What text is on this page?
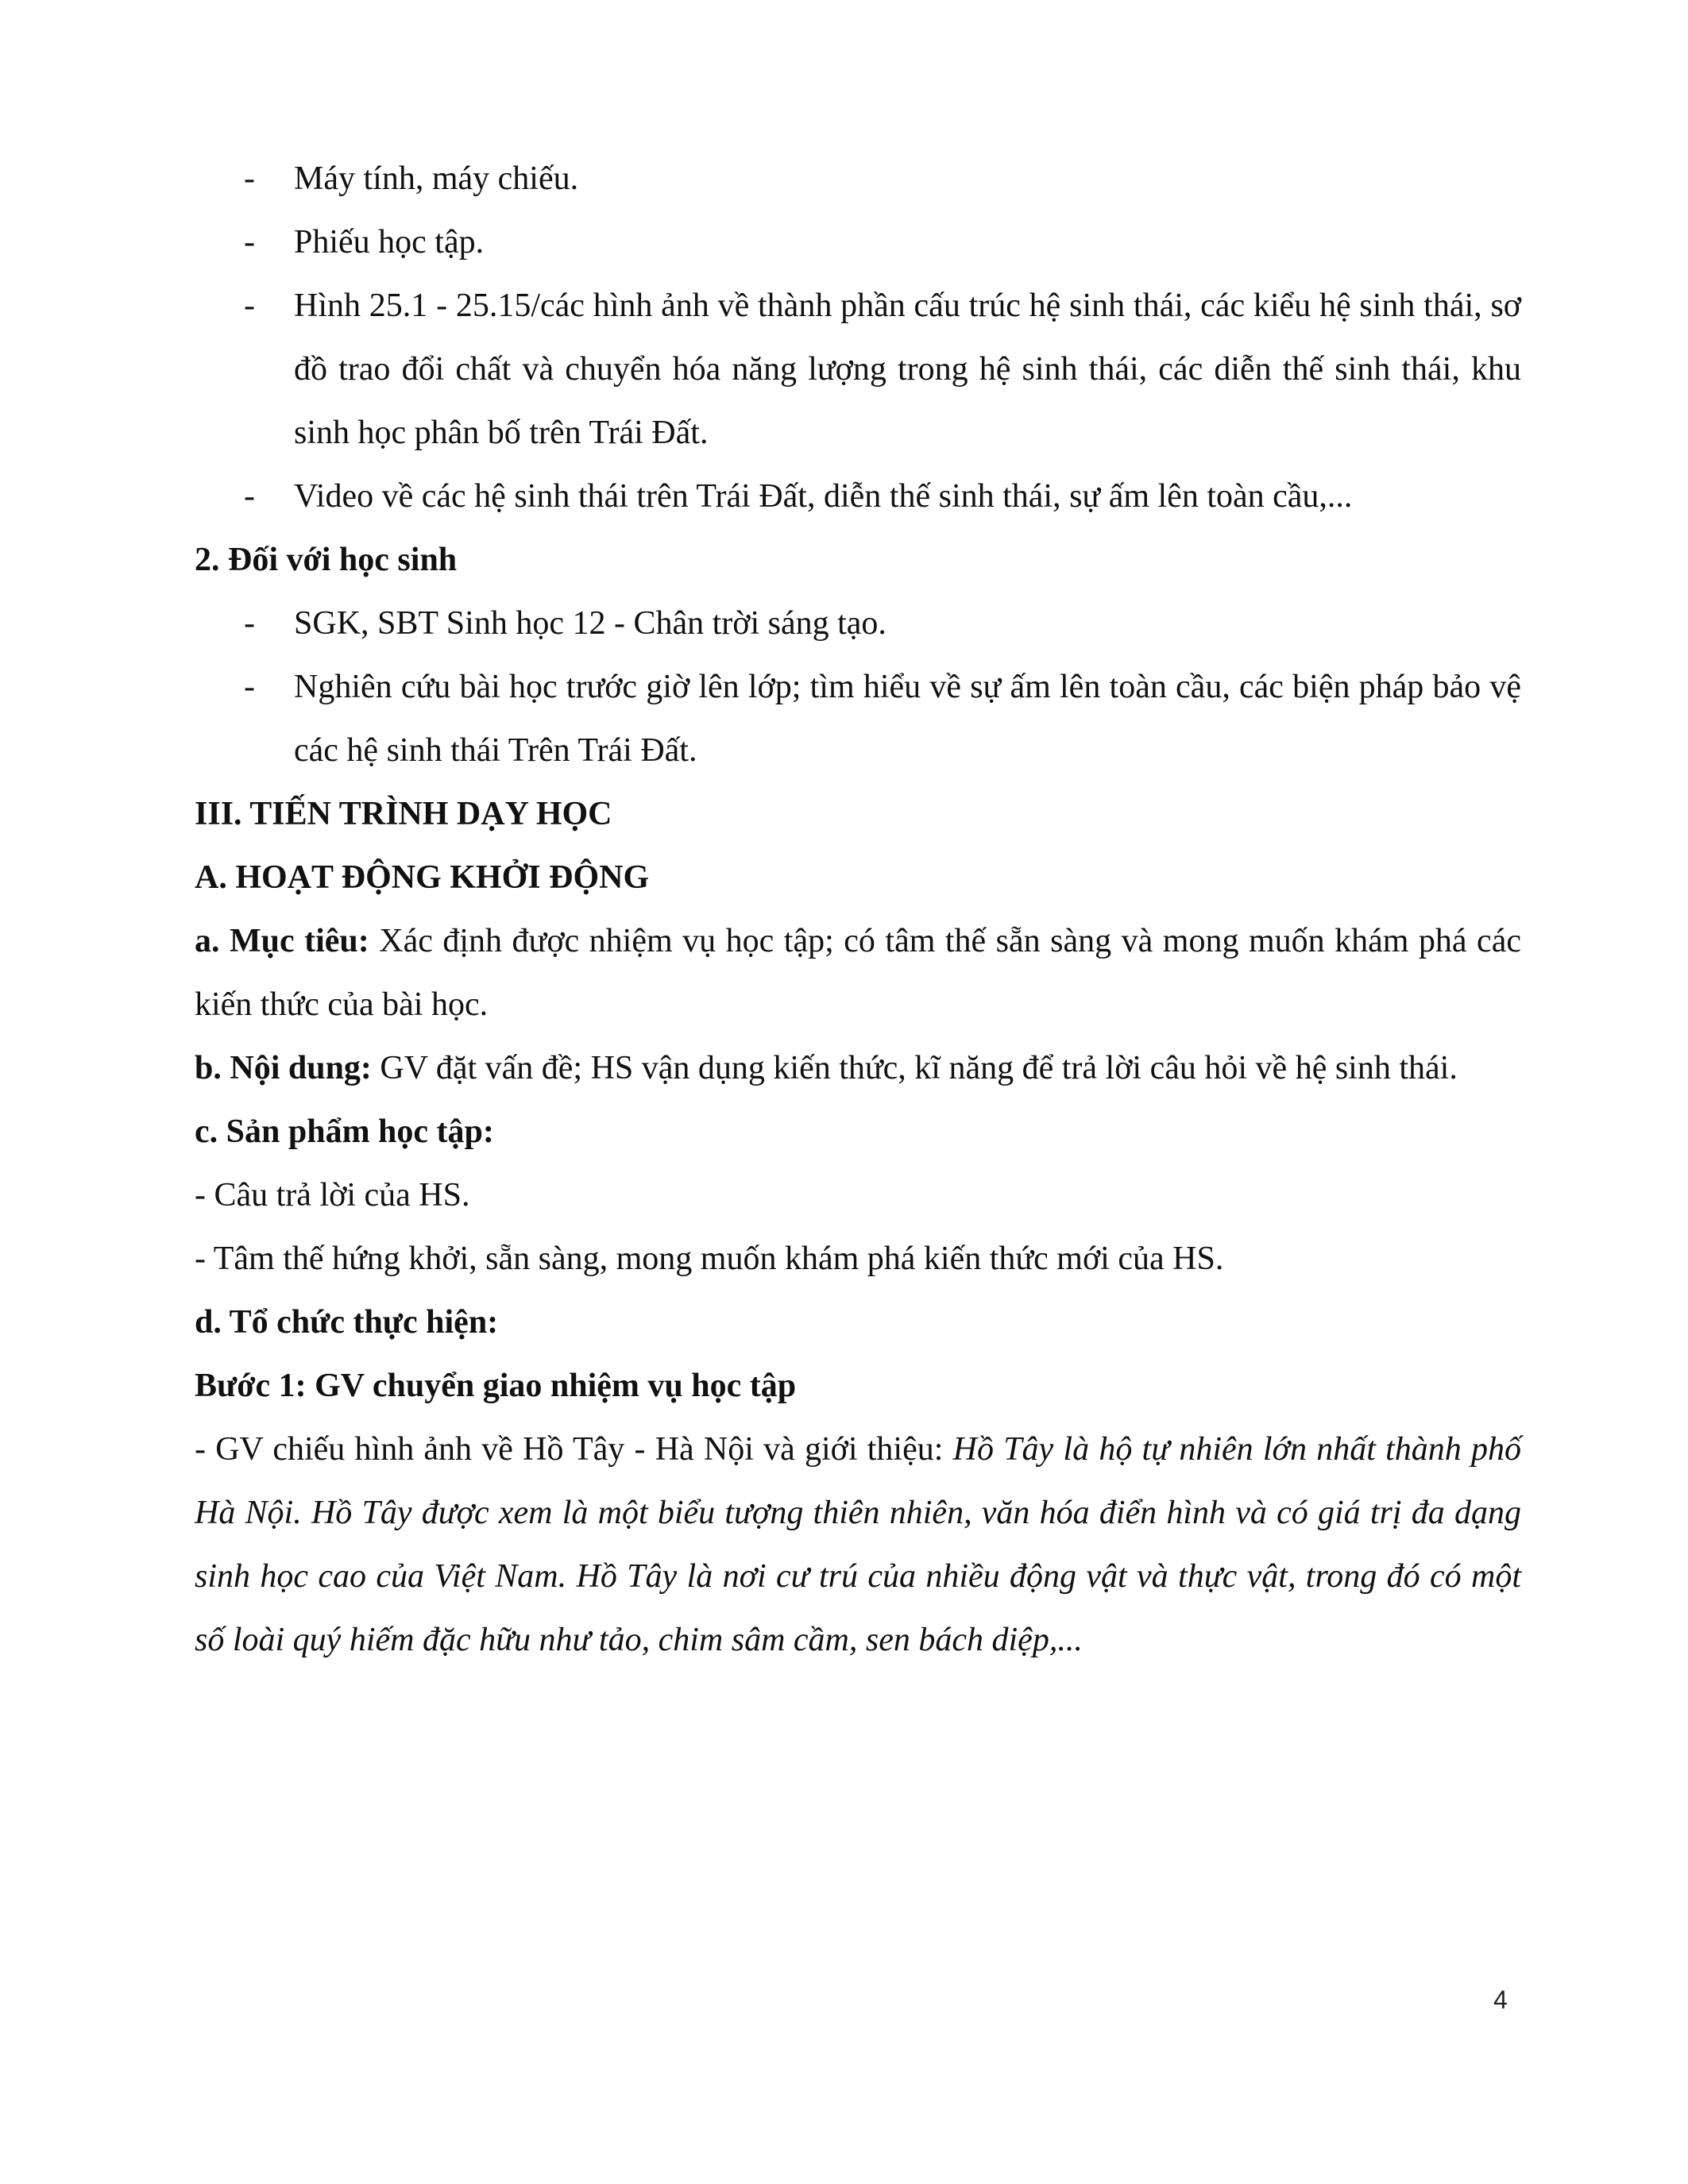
- Máy tính, máy chiếu.

- Phiếu học tập.

- Hình 25.1 - 25.15/các hình ảnh về thành phần cấu trúc hệ sinh thái, các kiểu hệ sinh thái, sơ đồ trao đổi chất và chuyển hóa năng lượng trong hệ sinh thái, các diễn thế sinh thái, khu sinh học phân bố trên Trái Đất.

- Video về các hệ sinh thái trên Trái Đất, diễn thế sinh thái, sự ấm lên toàn cầu,...

2. Đối với học sinh

- SGK, SBT Sinh học 12 - Chân trời sáng tạo.

- Nghiên cứu bài học trước giờ lên lớp; tìm hiểu về sự ấm lên toàn cầu, các biện pháp bảo vệ các hệ sinh thái Trên Trái Đất.

III. TIẾN TRÌNH DẠY HỌC

A. HOẠT ĐỘNG KHỞI ĐỘNG

a. Mục tiêu: Xác định được nhiệm vụ học tập; có tâm thế sẵn sàng và mong muốn khám phá các kiến thức của bài học.

b. Nội dung: GV đặt vấn đề; HS vận dụng kiến thức, kĩ năng để trả lời câu hỏi về hệ sinh thái.

c. Sản phẩm học tập:

- Câu trả lời của HS.

- Tâm thế hứng khởi, sẵn sàng, mong muốn khám phá kiến thức mới của HS.

d. Tổ chức thực hiện:

Bước 1: GV chuyển giao nhiệm vụ học tập

- GV chiếu hình ảnh về Hồ Tây - Hà Nội và giới thiệu: Hồ Tây là hộ tự nhiên lớn nhất thành phố Hà Nội. Hồ Tây được xem là một biểu tượng thiên nhiên, văn hóa điển hình và có giá trị đa dạng sinh học cao của Việt Nam. Hồ Tây là nơi cư trú của nhiều động vật và thực vật, trong đó có một số loài quý hiếm đặc hữu như tảo, chim sâm cầm, sen bách diệp,...

4
